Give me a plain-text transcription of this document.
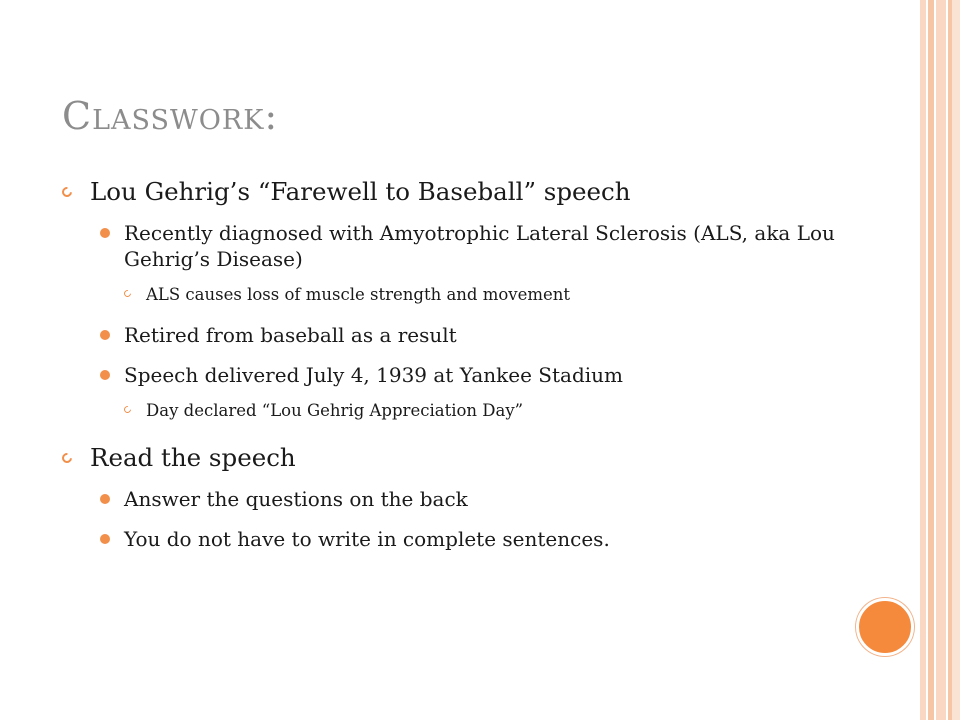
Classwork:
Lou Gehrig’s “Farewell to Baseball” speech
Recently diagnosed with Amyotrophic Lateral Sclerosis (ALS, aka Lou Gehrig’s Disease)
ALS causes loss of muscle strength and movement
Retired from baseball as a result
Speech delivered July 4, 1939 at Yankee Stadium
Day declared “Lou Gehrig Appreciation Day”
Read the speech
Answer the questions on the back
You do not have to write in complete sentences.
